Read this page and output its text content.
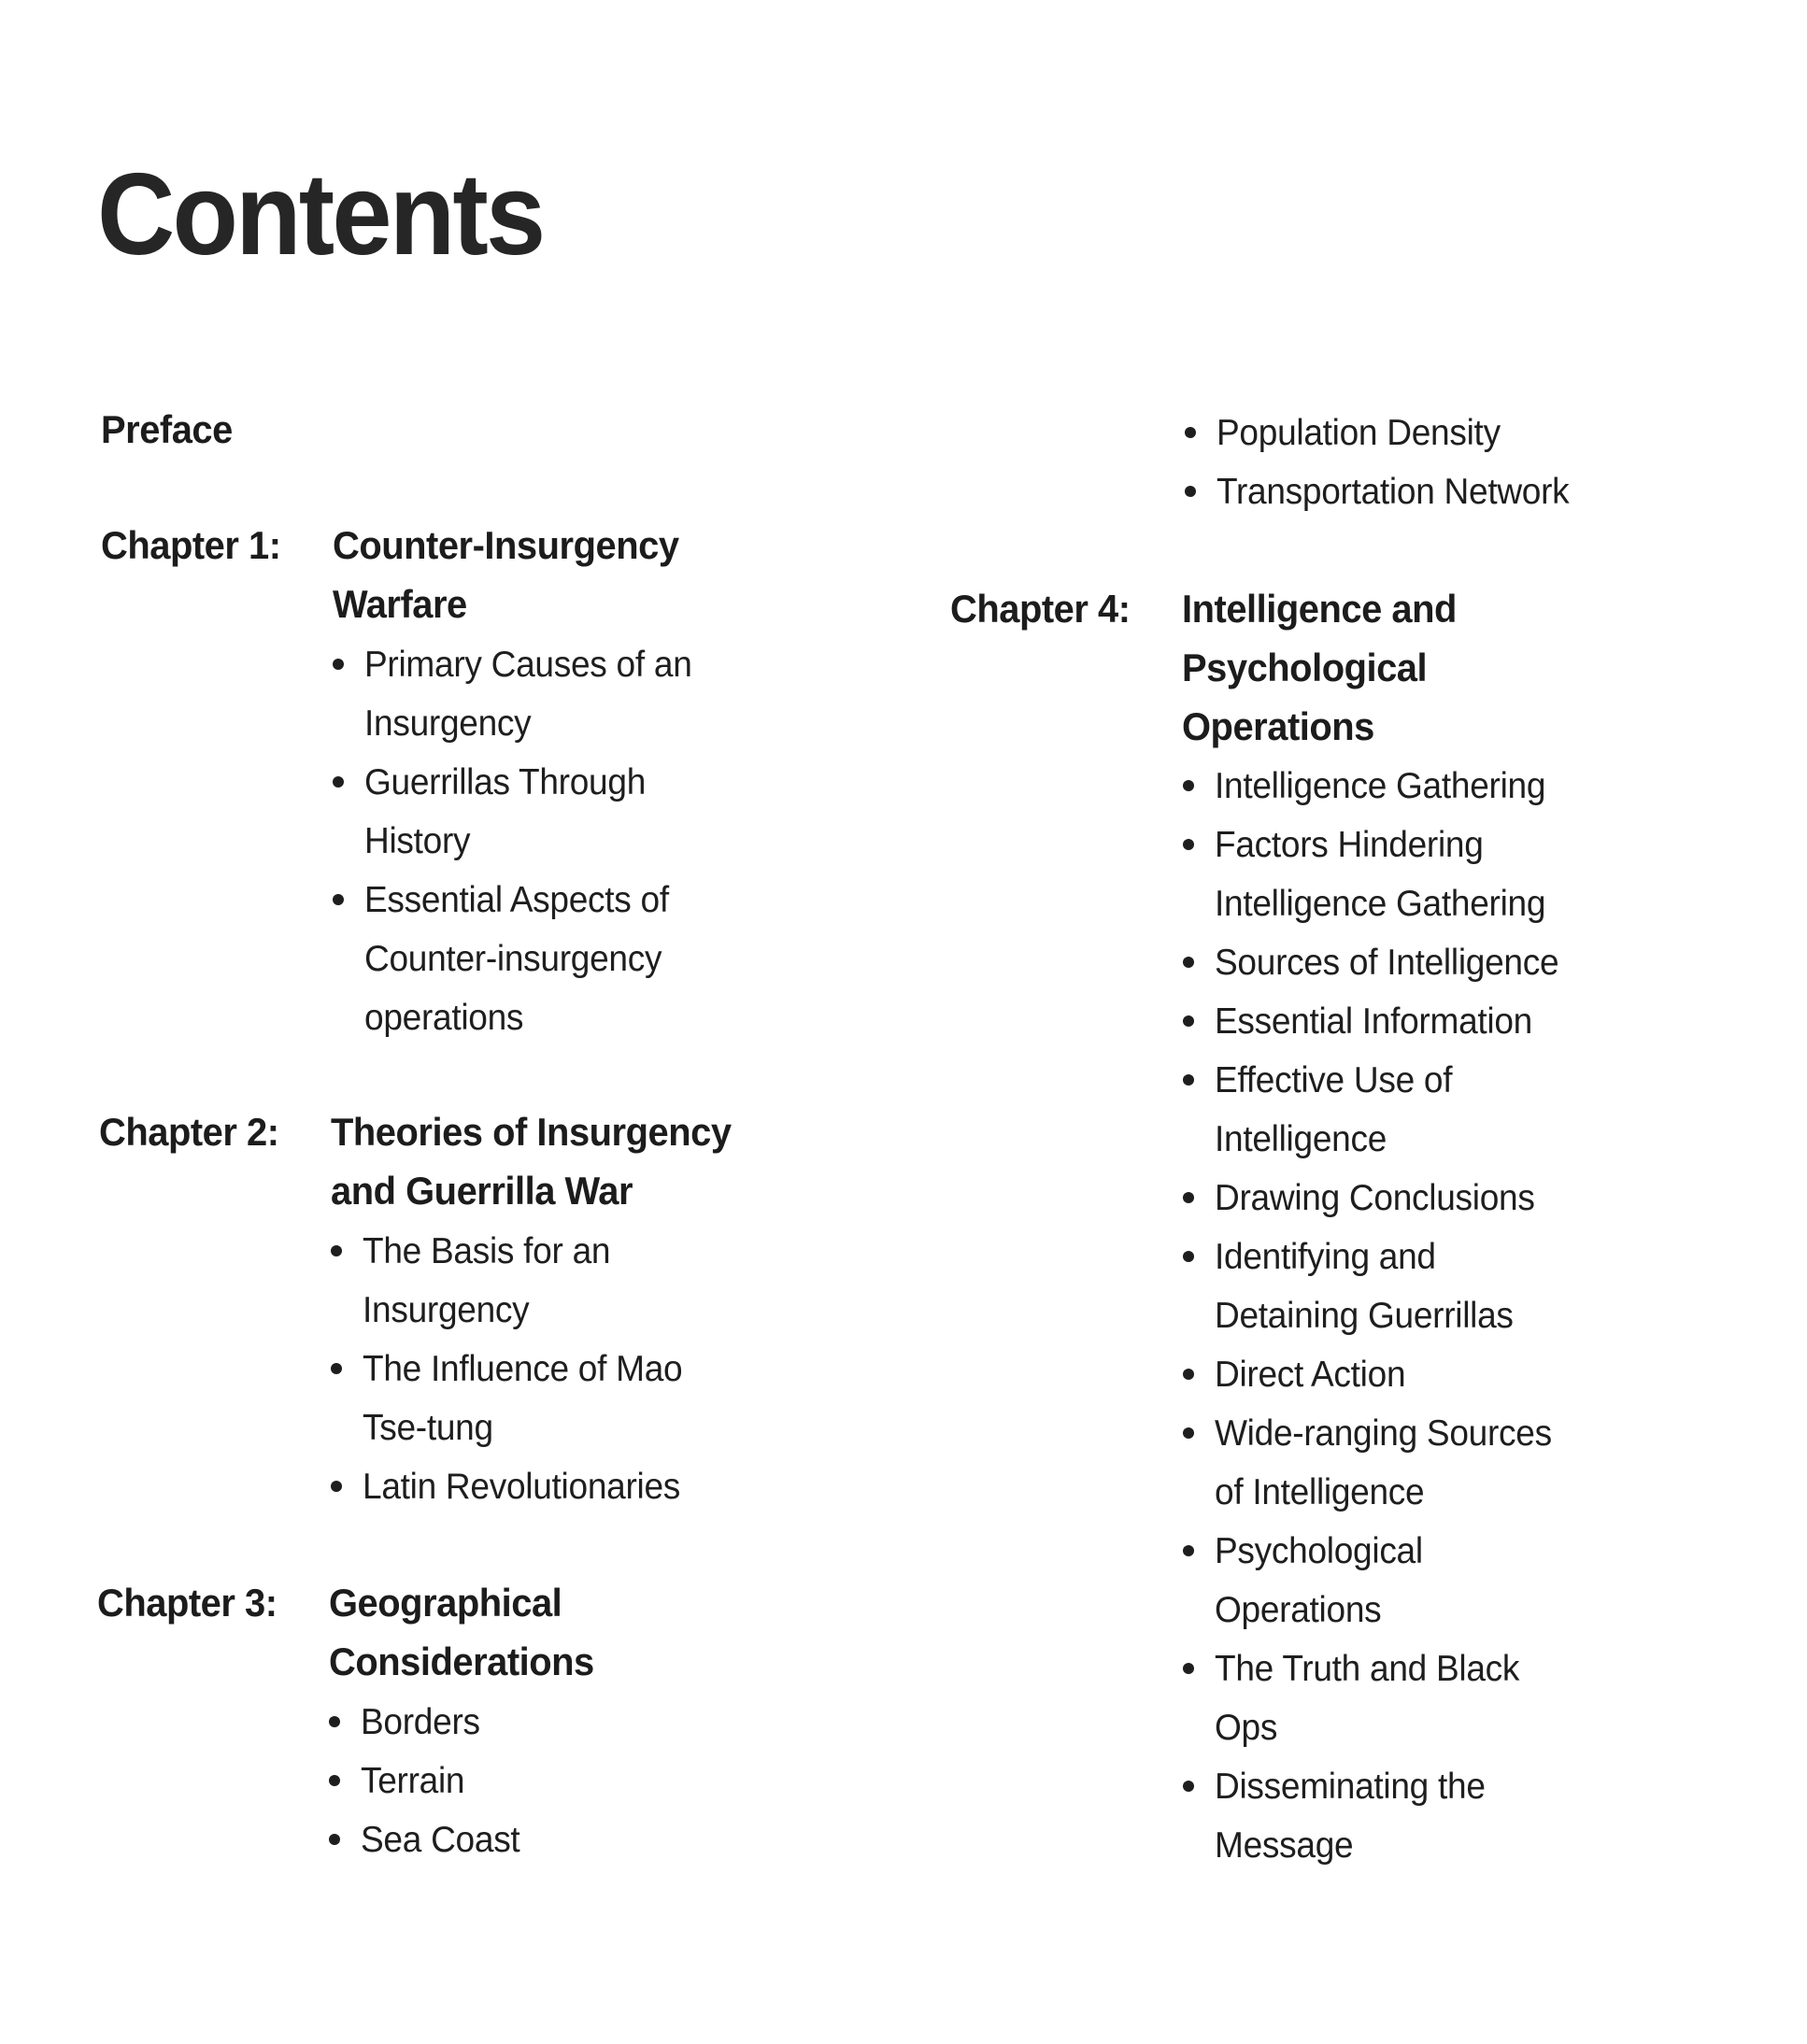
Contents
Preface
Chapter 1: Counter-Insurgency
Warfare
Primary Causes of an
Insurgency
Guerrillas Through
History
Essential Aspects of
Counter-insurgency
operations
Chapter 2: Theories of Insurgency
and Guerrilla War
The Basis for an
Insurgency
The Influence of Mao
Tse-tung
Latin Revolutionaries
Chapter 3: Geographical
Considerations
Borders
Terrain
Sea Coast
Population Density
Transportation Network
Chapter 4: Intelligence and
Psychological
Operations
Intelligence Gathering
Factors Hindering
Intelligence Gathering
Sources of Intelligence
Essential Information
Effective Use of
Intelligence
Drawing Conclusions
Identifying and
Detaining Guerrillas
Direct Action
Wide-ranging Sources
of Intelligence
Psychological
Operations
The Truth and Black
Ops
Disseminating the
Message
